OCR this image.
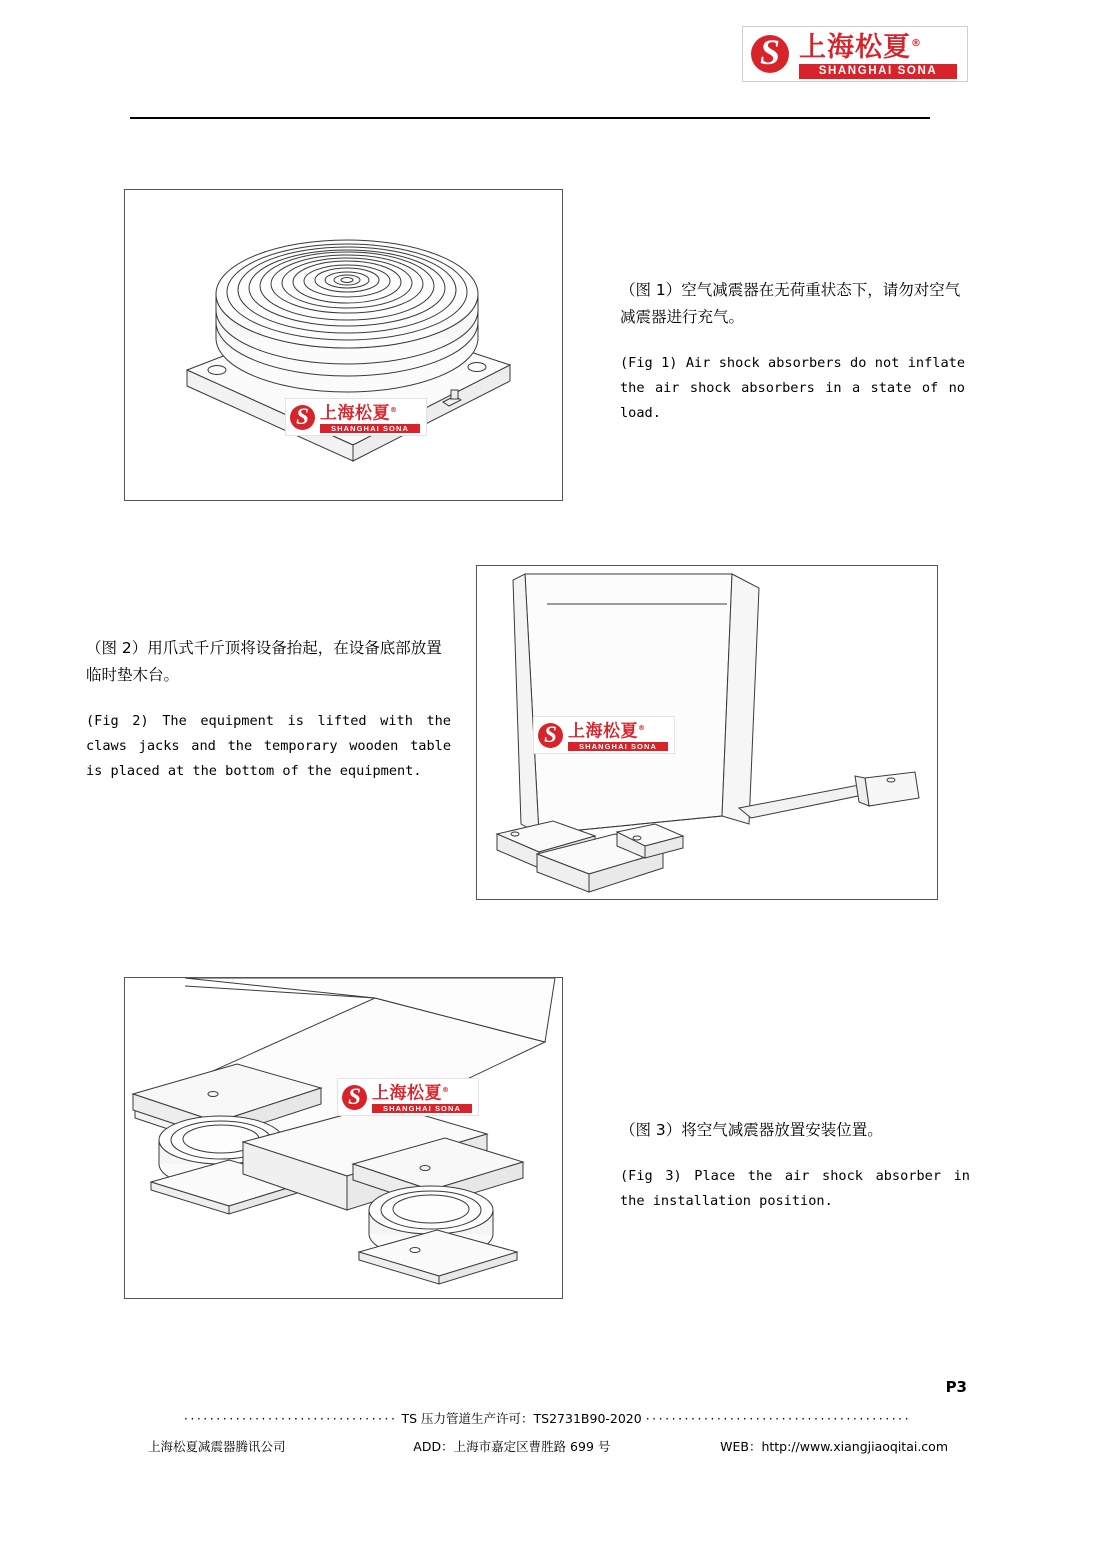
S 上海松夏®
SHANGHAI SONA
S 上海松夏®
SHANGHAI SONA
（图 1）空气减震器在无荷重状态下，请勿对空气减震器进行充气。
(Fig 1) Air shock absorbers do not inflate the air shock absorbers in a state of no load.
S 上海松夏®
SHANGHAI SONA
（图 2）用爪式千斤顶将设备抬起，在设备底部放置临时垫木台。
(Fig 2) The equipment is lifted with the claws jacks and the temporary wooden table is placed at the bottom of the equipment.
S 上海松夏®
SHANGHAI SONA
（图 3）将空气减震器放置安装位置。
(Fig 3) Place the air shock absorber in the installation position.
P3
································· TS 压力管道生产许可：TS2731B90-2020 ·········································
上海松夏减震器腾讯公司	ADD：上海市嘉定区曹胜路 699 号	WEB：http://www.xiangjiaoqitai.com
